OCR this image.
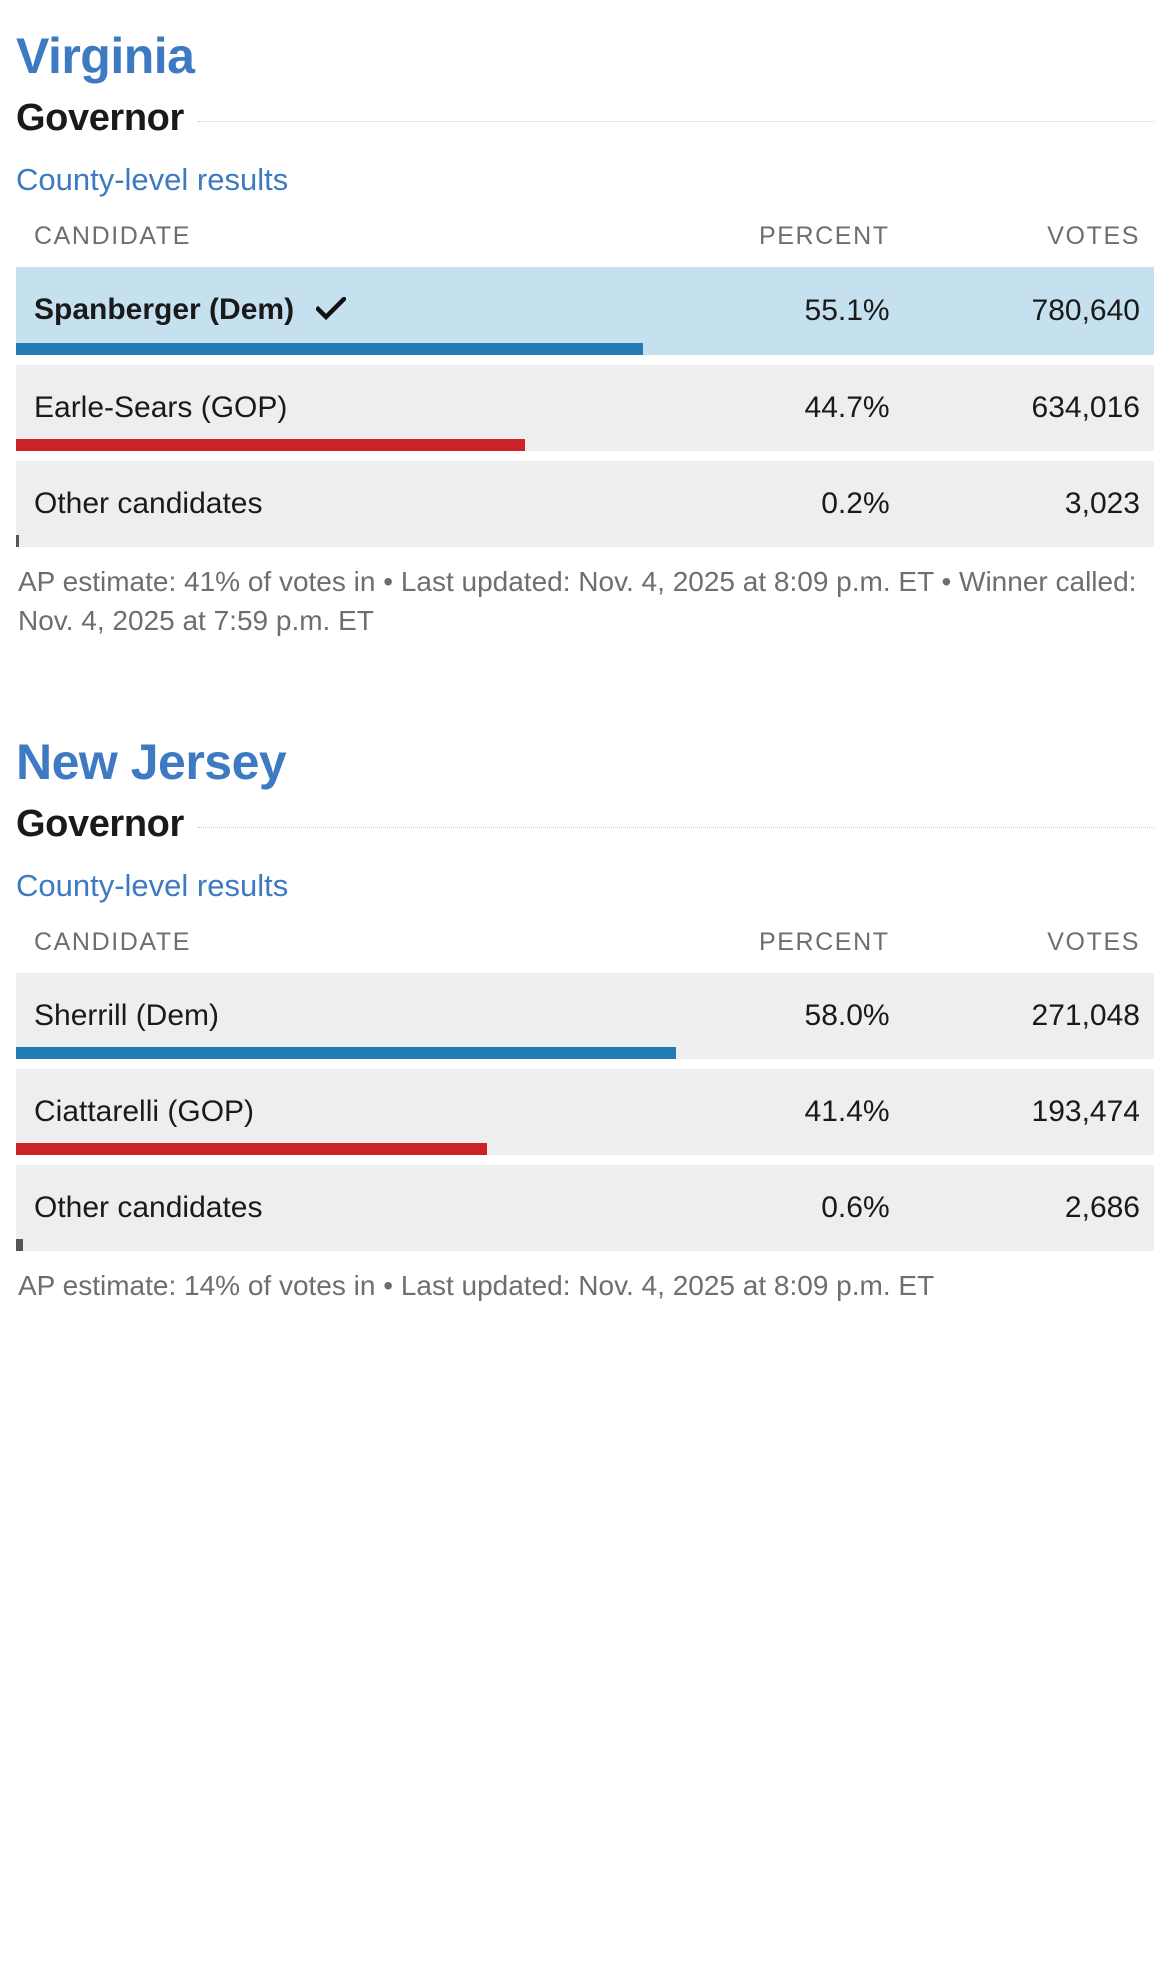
Virginia
Governor
County-level results
CANDIDATE	PERCENT	VOTES
Spanberger (Dem)	55.1%	780,640

Earle-Sears (GOP)	44.7%	634,016

Other candidates	0.2%	3,023

AP estimate: 41% of votes in • Last updated: Nov. 4, 2025 at 8:09 p.m. ET • Winner called: Nov. 4, 2025 at 7:59 p.m. ET

New Jersey
Governor
County-level results
CANDIDATE	PERCENT	VOTES
Sherrill (Dem)	58.0%	271,048

Ciattarelli (GOP)	41.4%	193,474

Other candidates	0.6%	2,686

AP estimate: 14% of votes in • Last updated: Nov. 4, 2025 at 8:09 p.m. ET
